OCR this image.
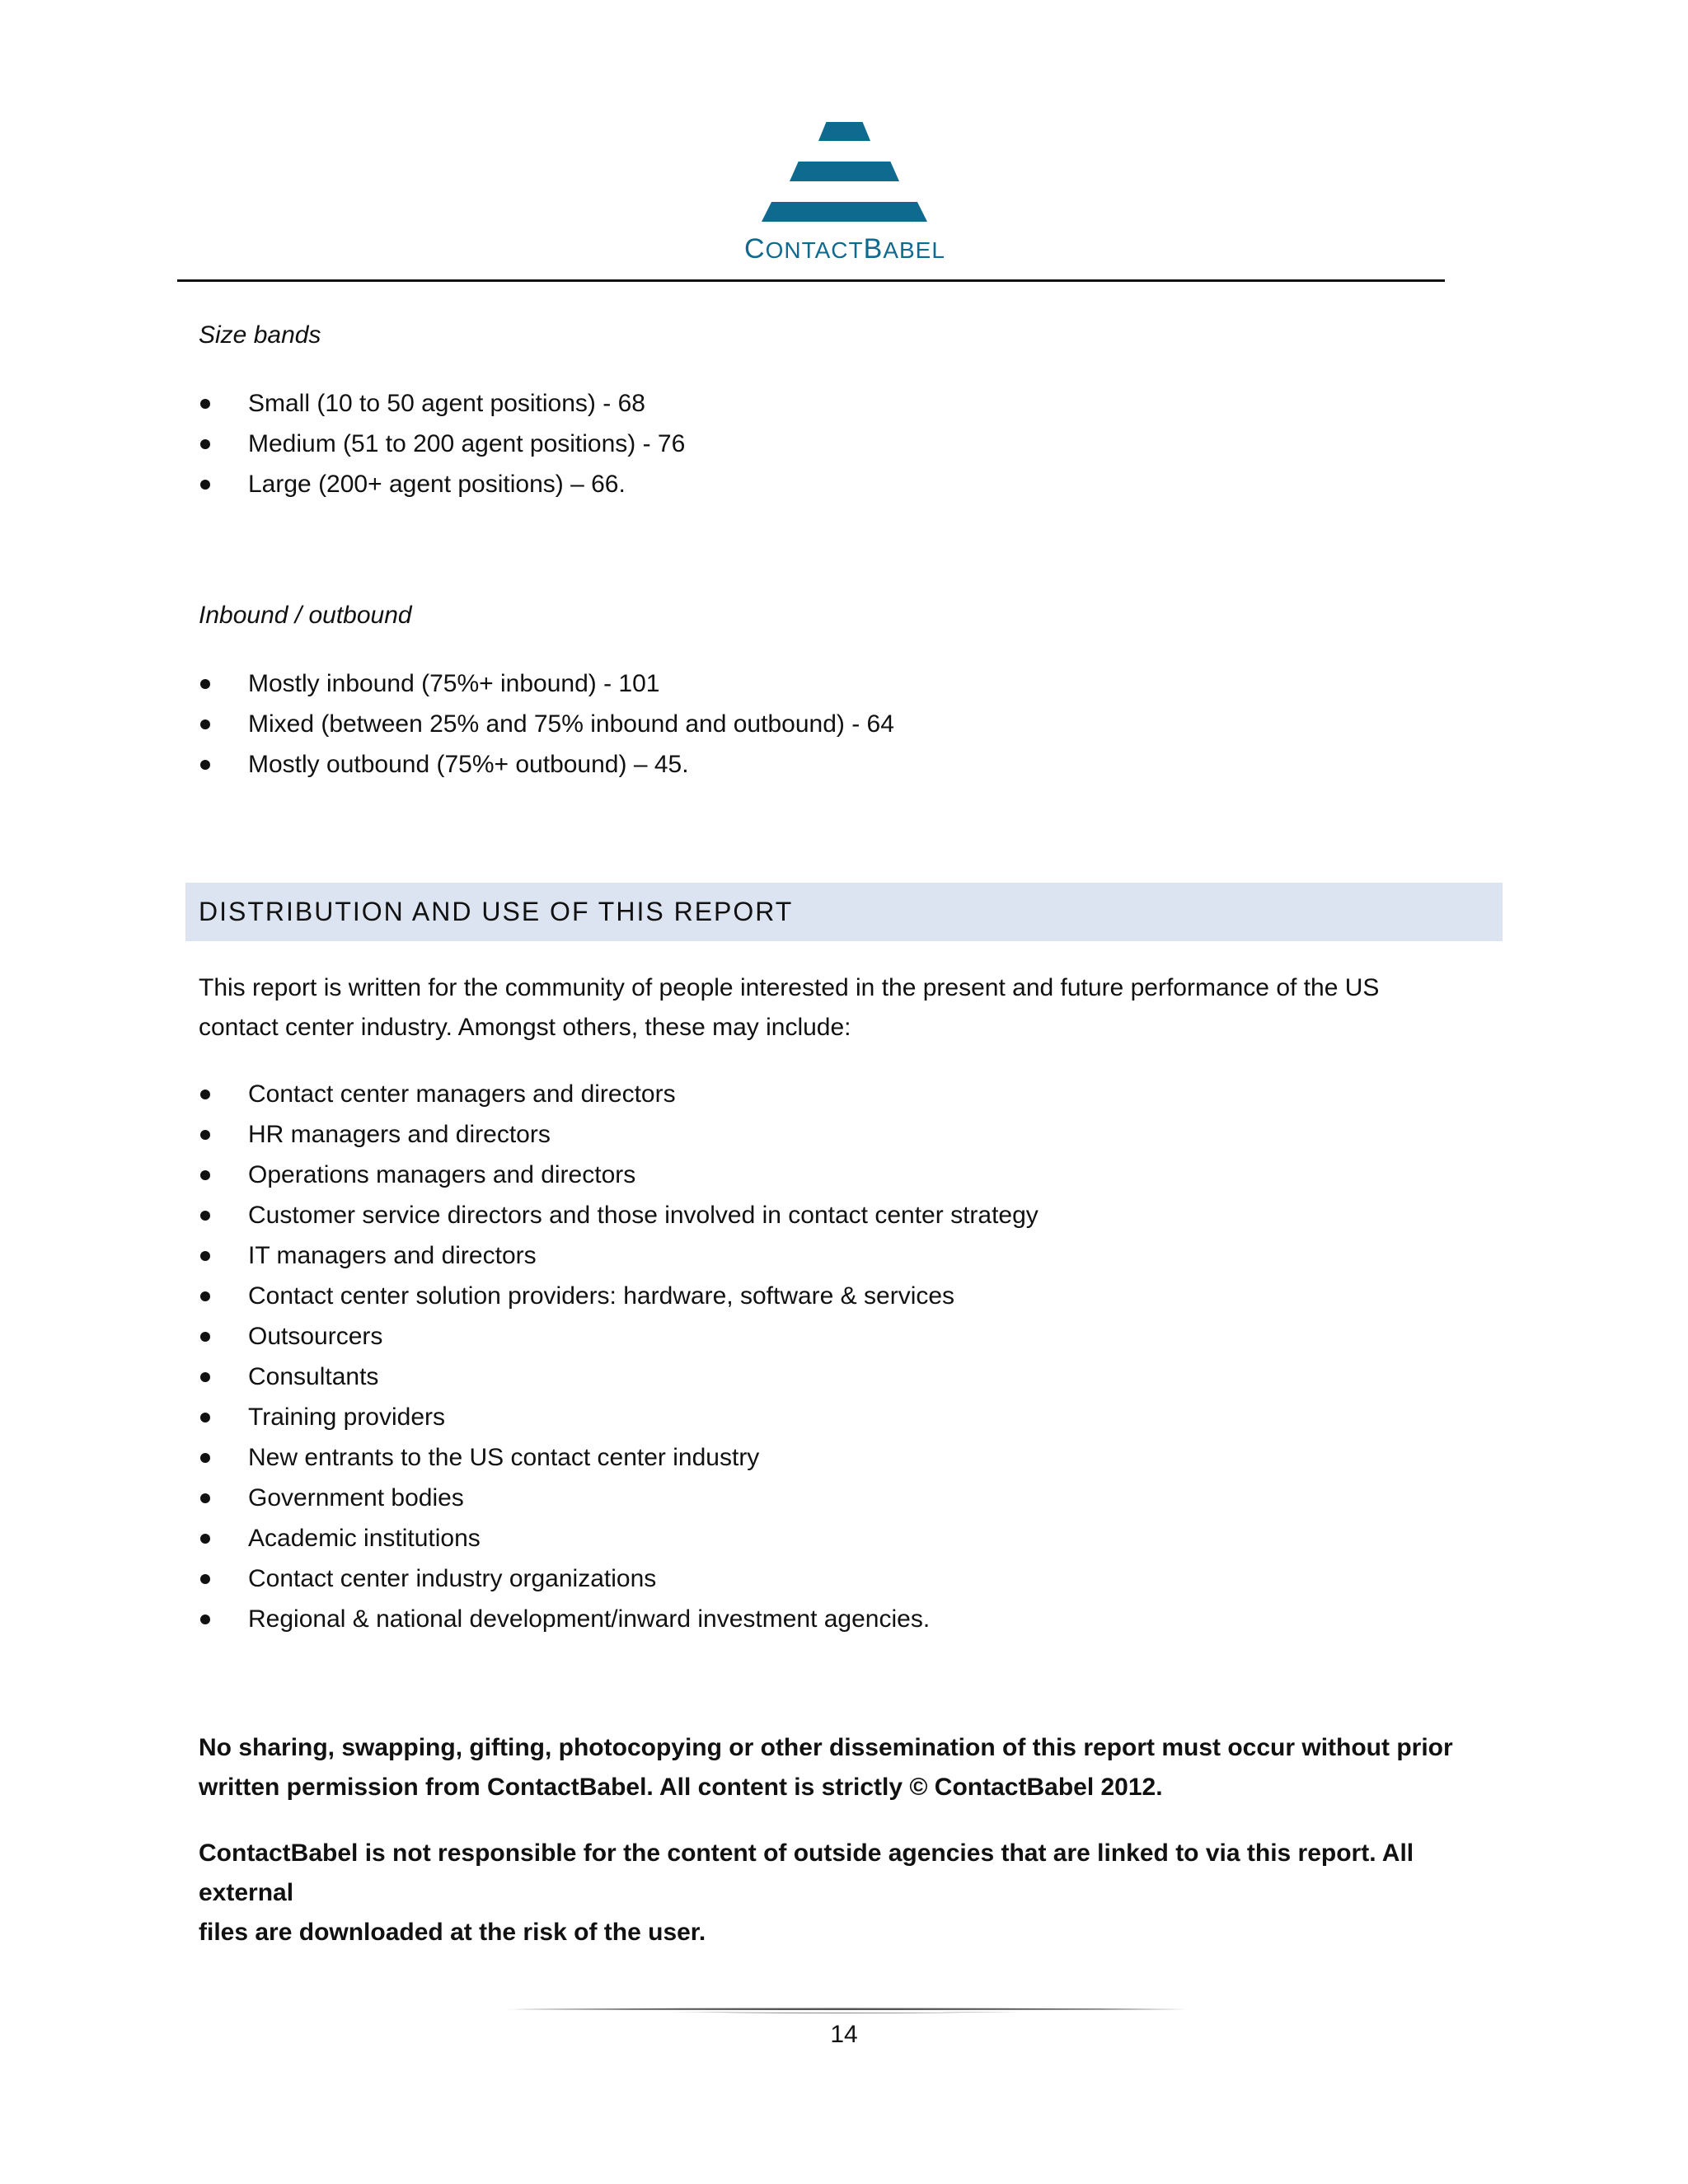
CONTACTBABEL

Size bands

Small (10 to 50 agent positions) - 68
Medium (51 to 200 agent positions) - 76
Large (200+ agent positions) – 66.

Inbound / outbound

Mostly inbound (75%+ inbound) - 101
Mixed (between 25% and 75% inbound and outbound) - 64
Mostly outbound (75%+ outbound) – 45.
DISTRIBUTION AND USE OF THIS REPORT

This report is written for the community of people interested in the present and future performance of the US

contact center industry. Amongst others, these may include:

Contact center managers and directors
HR managers and directors
Operations managers and directors
Customer service directors and those involved in contact center strategy
IT managers and directors
Contact center solution providers: hardware, software & services
Outsourcers
Consultants
Training providers
New entrants to the US contact center industry
Government bodies
Academic institutions
Contact center industry organizations
Regional & national development/inward investment agencies.

No sharing, swapping, gifting, photocopying or other dissemination of this report must occur without prior

written permission from ContactBabel. All content is strictly © ContactBabel 2012.

ContactBabel is not responsible for the content of outside agencies that are linked to via this report. All external

files are downloaded at the risk of the user.

14
